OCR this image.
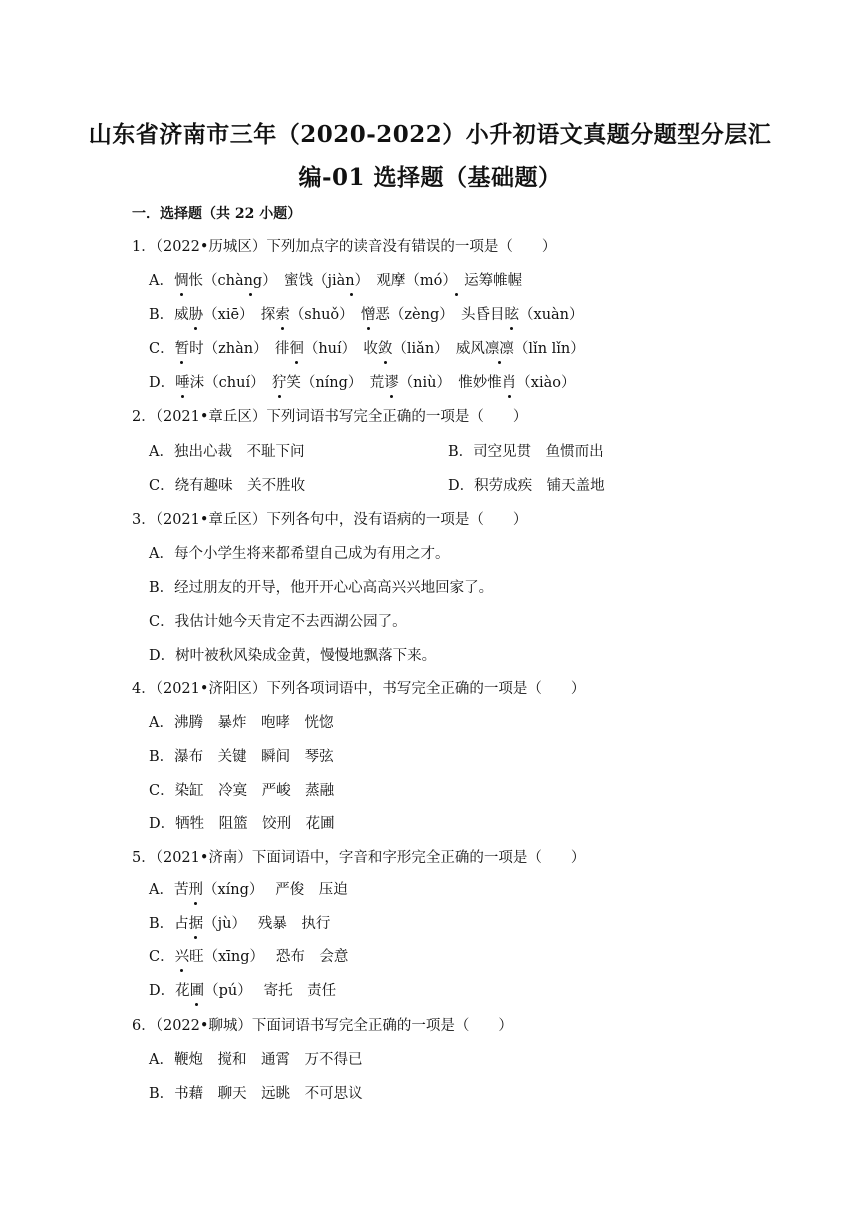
山东省济南市三年（2020-2022）小升初语文真题分题型分层汇
编-01 选择题（基础题）
一．选择题（共 22 小题）
1．（2022•历城区）下列加点字的读音没有错误的一项是（　　）
A．惆怅（chàng）　蜜饯（jiàn）　观摩（mó）　运筹帷幄
B．威胁（xiē）　探索（shuǒ）　憎恶（zèng）　头昏目眩（xuàn）
C．暂时（zhàn）　徘徊（huí）　收敛（liǎn）　威风凛凛（lǐn lǐn）
D．唾沫（chuí）　狞笑（níng）　荒谬（niù）　惟妙惟肖（xiào）
2．（2021•章丘区）下列词语书写完全正确的一项是（　　）
A．独出心裁　不耻下问	B．司空见贯　鱼惯而出
C．绕有趣味　关不胜收	D．积劳成疾　铺天盖地
3．（2021•章丘区）下列各句中，没有语病的一项是（　　）
A．每个小学生将来都希望自己成为有用之才。
B．经过朋友的开导，他开开心心高高兴兴地回家了。
C．我估计她今天肯定不去西湖公园了。
D．树叶被秋风染成金黄，慢慢地飘落下来。
4．（2021•济阳区）下列各项词语中，书写完全正确的一项是（　　）
A．沸腾　暴炸　咆哮　恍惚
B．瀑布　关键　瞬间　琴弦
C．染缸　冷寞　严峻　蒸融
D．牺牲　阻篮　饺刑　花圃
5．（2021•济南）下面词语中，字音和字形完全正确的一项是（　　）
A．苦刑（xíng）　 严俊　压迫
B．占据（jù）　 残暴　执行
C．兴旺（xīng）　 恐布　会意
D．花圃（pú）　 寄托　责任
6．（2022•聊城）下面词语书写完全正确的一项是（　　）
A．鞭炮　搅和　通霄　万不得已
B．书藉　聊天　远眺　不可思议
